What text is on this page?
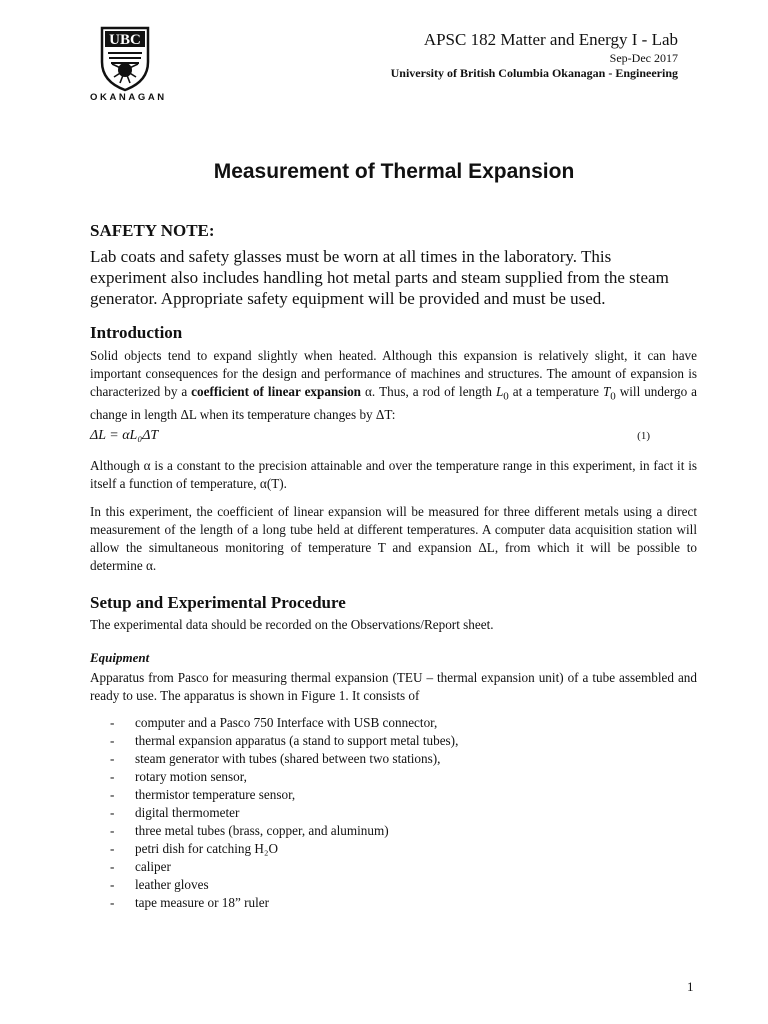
UBC
OKANAGAN
APSC 182 Matter and Energy I - Lab
Sep-Dec 2017
University of British Columbia Okanagan - Engineering
Measurement of Thermal Expansion
SAFETY NOTE:
Lab coats and safety glasses must be worn at all times in the laboratory. This experiment also includes handling hot metal parts and steam supplied from the steam generator. Appropriate safety equipment will be provided and must be used.
Introduction
Solid objects tend to expand slightly when heated. Although this expansion is relatively slight, it can have important consequences for the design and performance of machines and structures. The amount of expansion is characterized by a coefficient of linear expansion α. Thus, a rod of length $L_0$ at a temperature $T_0$ will undergo a change in length ΔL when its temperature changes by ΔT:
ΔL = αL₀ΔT	(1)
Although α is a constant to the precision attainable and over the temperature range in this experiment, in fact it is itself a function of temperature, α(T).
In this experiment, the coefficient of linear expansion will be measured for three different metals using a direct measurement of the length of a long tube held at different temperatures. A computer data acquisition station will allow the simultaneous monitoring of temperature T and expansion ΔL, from which it will be possible to determine α.
Setup and Experimental Procedure
The experimental data should be recorded on the Observations/Report sheet.
Equipment
Apparatus from Pasco for measuring thermal expansion (TEU – thermal expansion unit) of a tube assembled and ready to use. The apparatus is shown in Figure 1. It consists of
- computer and a Pasco 750 Interface with USB connector,
- thermal expansion apparatus (a stand to support metal tubes),
- steam generator with tubes (shared between two stations),
- rotary motion sensor,
- thermistor temperature sensor,
- digital thermometer
- three metal tubes (brass, copper, and aluminum)
- petri dish for catching H₂O
- caliper
- leather gloves
- tape measure or 18” ruler
1
